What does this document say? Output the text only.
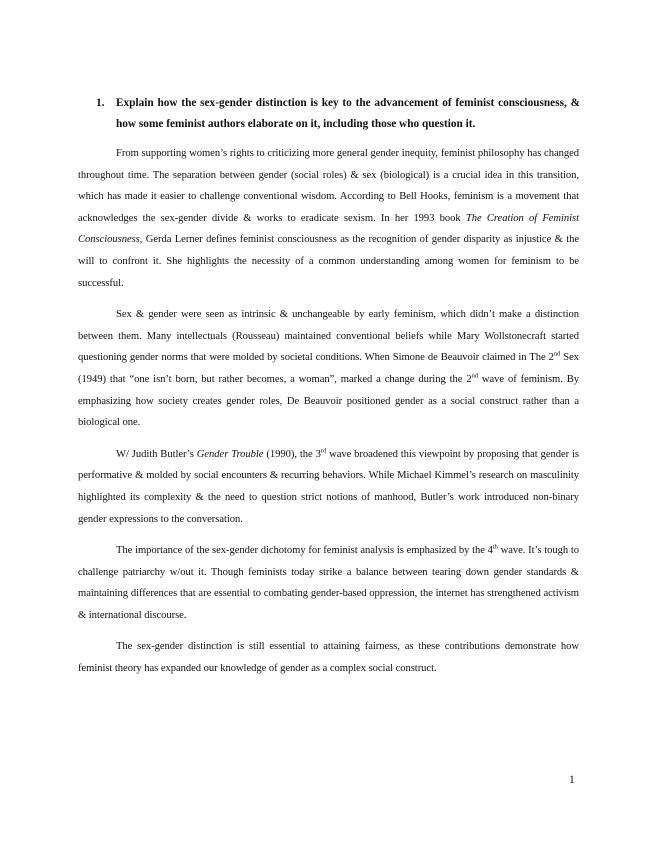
1.	Explain how the sex-gender distinction is key to the advancement of feminist consciousness, & how some feminist authors elaborate on it, including those who question it.

From supporting women’s rights to criticizing more general gender inequity, feminist philosophy has changed throughout time. The separation between gender (social roles) & sex (biological) is a crucial idea in this transition, which has made it easier to challenge conventional wisdom. According to Bell Hooks, feminism is a movement that acknowledges the sex-gender divide & works to eradicate sexism. In her 1993 book The Creation of Feminist Consciousness, Gerda Lerner defines feminist consciousness as the recognition of gender disparity as injustice & the will to confront it. She highlights the necessity of a common understanding among women for feminism to be successful.

Sex & gender were seen as intrinsic & unchangeable by early feminism, which didn’t make a distinction between them. Many intellectuals (Rousseau) maintained conventional beliefs while Mary Wollstonecraft started questioning gender norms that were molded by societal conditions. When Simone de Beauvoir claimed in The 2nd Sex (1949) that “one isn’t born, but rather becomes, a woman”, marked a change during the 2nd wave of feminism. By emphasizing how society creates gender roles, De Beauvoir positioned gender as a social construct rather than a biological one.

W/ Judith Butler’s Gender Trouble (1990), the 3rd wave broadened this viewpoint by proposing that gender is performative & molded by social encounters & recurring behaviors. While Michael Kimmel’s research on masculinity highlighted its complexity & the need to question strict notions of manhood, Butler’s work introduced non-binary gender expressions to the conversation.

The importance of the sex-gender dichotomy for feminist analysis is emphasized by the 4th wave. It’s tough to challenge patriarchy w/out it. Though feminists today strike a balance between tearing down gender standards & maintaining differences that are essential to combating gender-based oppression, the internet has strengthened activism & international discourse.

The sex-gender distinction is still essential to attaining fairness, as these contributions demonstrate how feminist theory has expanded our knowledge of gender as a complex social construct.

1
